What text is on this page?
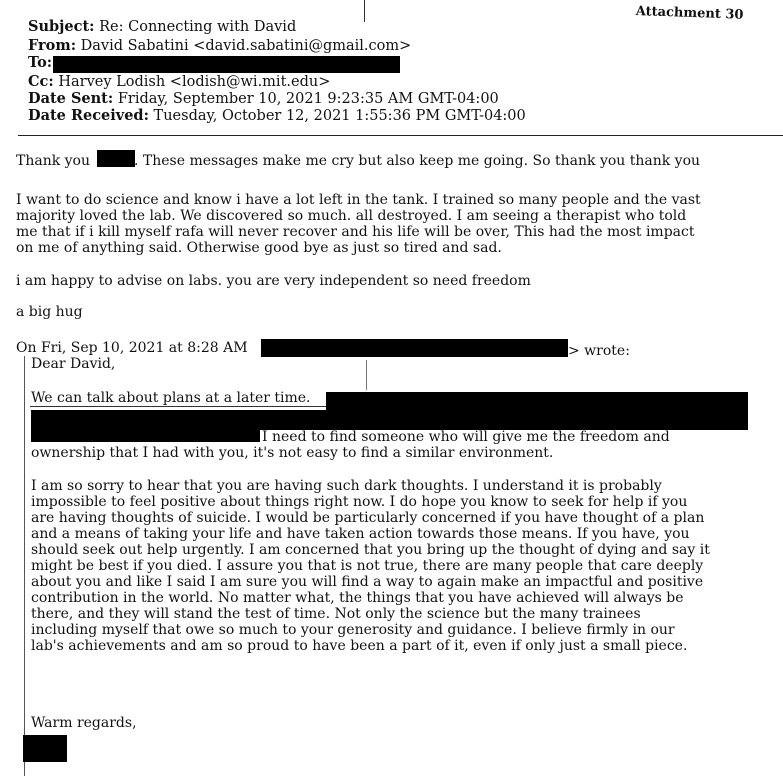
Attachment 30
Subject: Re: Connecting with David
From: David Sabatini <david.sabatini@gmail.com>
To:
Cc: Harvey Lodish <lodish@wi.mit.edu>
Date Sent: Friday, September 10, 2021 9:23:35 AM GMT-04:00
Date Received: Tuesday, October 12, 2021 1:55:36 PM GMT-04:00
Thank you	. These messages make me cry but also keep me going. So thank you thank you
I want to do science and know i have a lot left in the tank. I trained so many people and the vast
majority loved the lab. We discovered so much. all destroyed. I am seeing a therapist who told
me that if i kill myself rafa will never recover and his life will be over, This had the most impact
on me of anything said. Otherwise good bye as just so tired and sad.
i am happy to advise on labs. you are very independent so need freedom
a big hug
On Fri, Sep 10, 2021 at 8:28 AM	> wrote:
Dear David,
We can talk about plans at a later time.
I need to find someone who will give me the freedom and
ownership that I had with you, it's not easy to find a similar environment.
I am so sorry to hear that you are having such dark thoughts. I understand it is probably
impossible to feel positive about things right now. I do hope you know to seek for help if you
are having thoughts of suicide. I would be particularly concerned if you have thought of a plan
and a means of taking your life and have taken action towards those means. If you have, you
should seek out help urgently. I am concerned that you bring up the thought of dying and say it
might be best if you died. I assure you that is not true, there are many people that care deeply
about you and like I said I am sure you will find a way to again make an impactful and positive
contribution in the world. No matter what, the things that you have achieved will always be
there, and they will stand the test of time. Not only the science but the many trainees
including myself that owe so much to your generosity and guidance. I believe firmly in our
lab's achievements and am so proud to have been a part of it, even if only just a small piece.
Warm regards,
